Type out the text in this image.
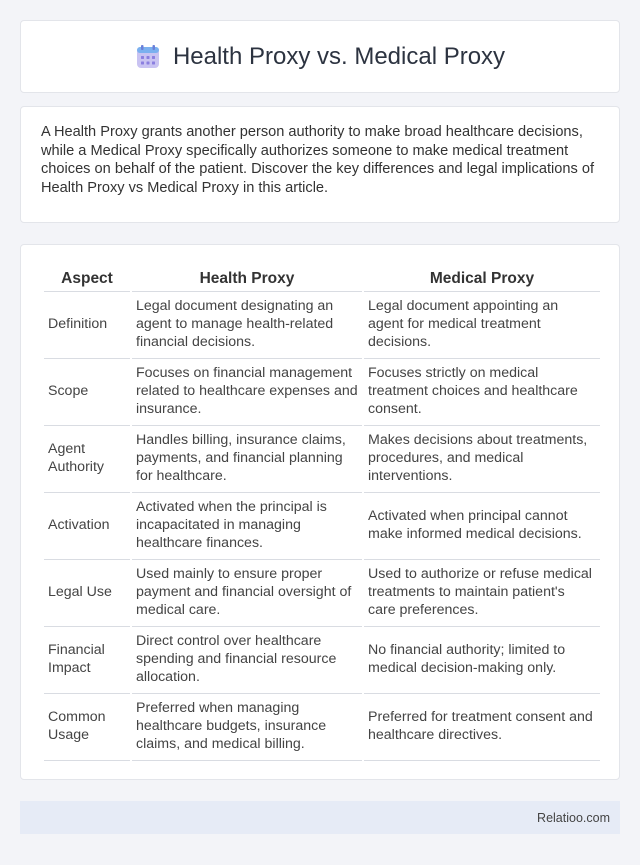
Health Proxy vs. Medical Proxy

A Health Proxy grants another person authority to make broad healthcare decisions, while a Medical Proxy specifically authorizes someone to make medical treatment choices on behalf of the patient. Discover the key differences and legal implications of Health Proxy vs Medical Proxy in this article.

Aspect	Health Proxy	Medical Proxy
Definition	Legal document designating an agent to manage health-related financial decisions.	Legal document appointing an agent for medical treatment decisions.
Scope	Focuses on financial management related to healthcare expenses and insurance.	Focuses strictly on medical treatment choices and healthcare consent.
Agent Authority	Handles billing, insurance claims, payments, and financial planning for healthcare.	Makes decisions about treatments, procedures, and medical interventions.
Activation	Activated when the principal is incapacitated in managing healthcare finances.	Activated when principal cannot make informed medical decisions.
Legal Use	Used mainly to ensure proper payment and financial oversight of medical care.	Used to authorize or refuse medical treatments to maintain patient's care preferences.
Financial Impact	Direct control over healthcare spending and financial resource allocation.	No financial authority; limited to medical decision-making only.
Common Usage	Preferred when managing healthcare budgets, insurance claims, and medical billing.	Preferred for treatment consent and healthcare directives.
Relatioo.com
